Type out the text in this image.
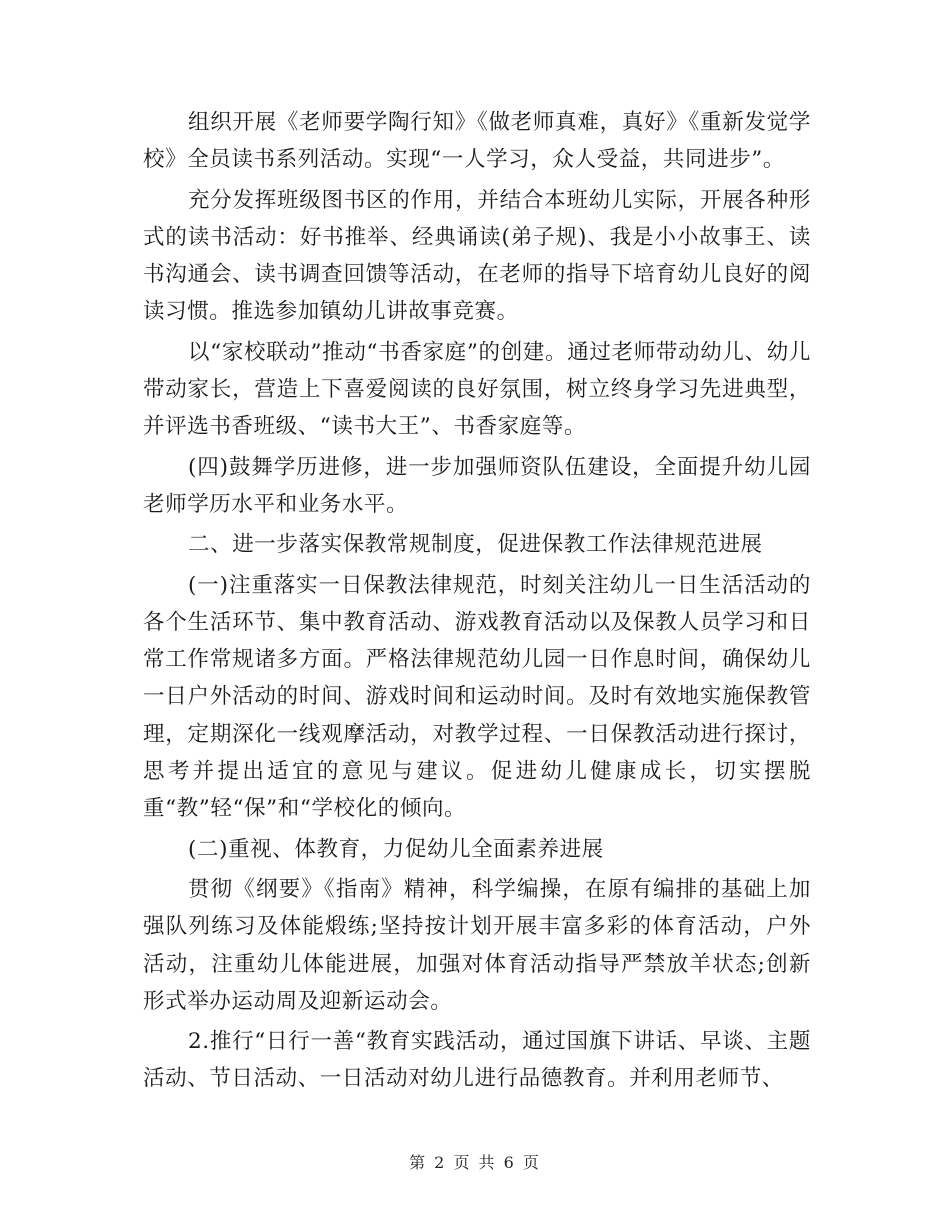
组织开展《老师要学陶行知》《做老师真难，真好》《重新发觉学校》全员读书系列活动。实现“一人学习，众人受益，共同进步”。

充分发挥班级图书区的作用，并结合本班幼儿实际，开展各种形式的读书活动：好书推举、经典诵读(弟子规)、我是小小故事王、读书沟通会、读书调查回馈等活动，在老师的指导下培育幼儿良好的阅读习惯。推选参加镇幼儿讲故事竞赛。

以“家校联动”推动“书香家庭”的创建。通过老师带动幼儿、幼儿带动家长，营造上下喜爱阅读的良好氛围，树立终身学习先进典型，并评选书香班级、“读书大王”、书香家庭等。

(四)鼓舞学历进修，进一步加强师资队伍建设，全面提升幼儿园老师学历水平和业务水平。

二、进一步落实保教常规制度，促进保教工作法律规范进展

(一)注重落实一日保教法律规范，时刻关注幼儿一日生活活动的各个生活环节、集中教育活动、游戏教育活动以及保教人员学习和日常工作常规诸多方面。严格法律规范幼儿园一日作息时间，确保幼儿一日户外活动的时间、游戏时间和运动时间。及时有效地实施保教管理，定期深化一线观摩活动，对教学过程、一日保教活动进行探讨，思考并提出适宜的意见与建议。促进幼儿健康成长，切实摆脱重“教”轻“保”和“学校化的倾向。

(二)重视、体教育，力促幼儿全面素养进展

贯彻《纲要》《指南》精神，科学编操，在原有编排的基础上加强队列练习及体能煅练;坚持按计划开展丰富多彩的体育活动，户外活动，注重幼儿体能进展，加强对体育活动指导严禁放羊状态;创新形式举办运动周及迎新运动会。

2.推行“日行一善“教育实践活动，通过国旗下讲话、早谈、主题活动、节日活动、一日活动对幼儿进行品德教育。并利用老师节、

第 2 页 共 6 页
